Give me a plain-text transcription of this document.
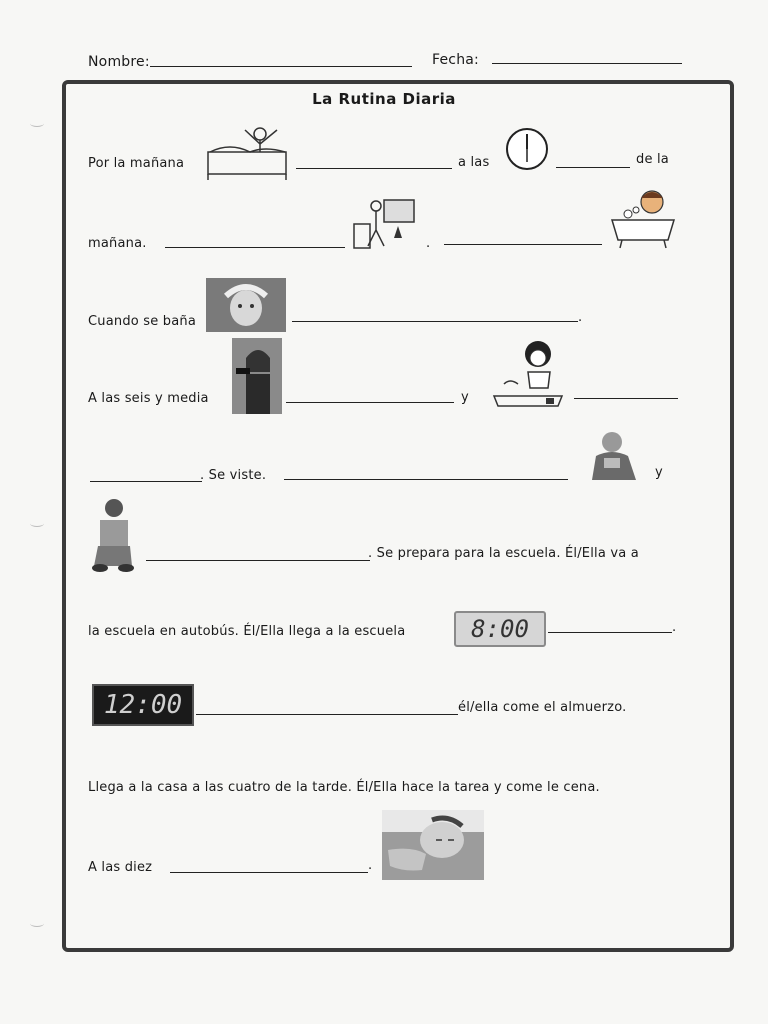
Nombre:	Fecha:
La Rutina Diaria
Por la mañana	a las	de la
mañana.	.
Cuando se baña	.
A las seis y media	y
. Se viste.	y
. Se prepara para la escuela. Él/Ella va a
la escuela en autobús. Él/Ella llega a la escuela	8:00	.
12:00	él/ella come el almuerzo.
Llega a la casa a las cuatro de la tarde. Él/Ella hace la tarea y come le cena.
A las diez	.
